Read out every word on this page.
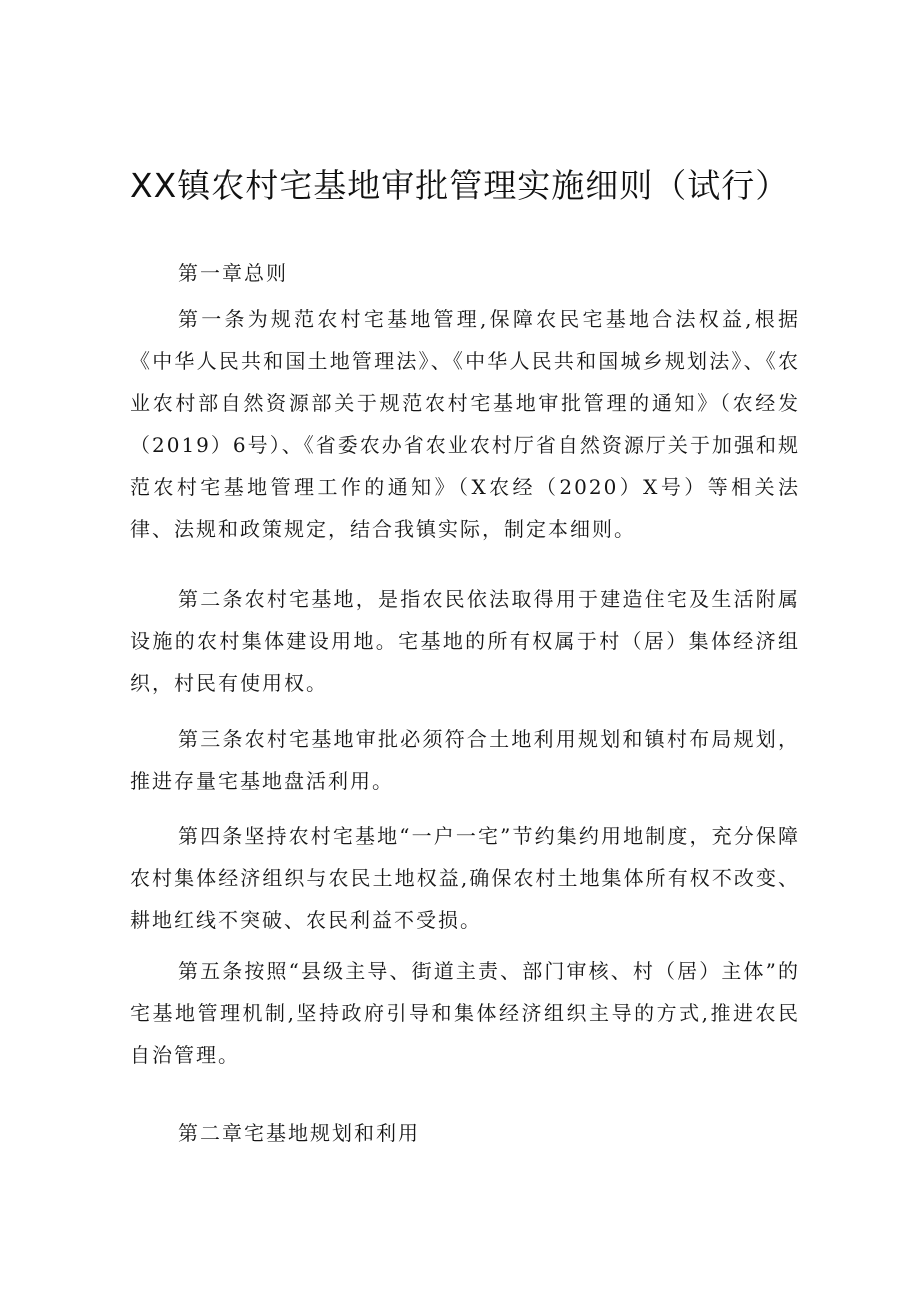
XX镇农村宅基地审批管理实施细则（试行）
第一章总则

第一条为规范农村宅基地管理,保障农民宅基地合法权益,根据《中华人民共和国土地管理法》、《中华人民共和国城乡规划法》、《农业农村部自然资源部关于规范农村宅基地审批管理的通知》（农经发（2019）6号）、《省委农办省农业农村厅省自然资源厅关于加强和规范农村宅基地管理工作的通知》（X农经（2020）X号）等相关法律、法规和政策规定，结合我镇实际，制定本细则。

第二条农村宅基地，是指农民依法取得用于建造住宅及生活附属设施的农村集体建设用地。宅基地的所有权属于村（居）集体经济组织，村民有使用权。

第三条农村宅基地审批必须符合土地利用规划和镇村布局规划，推进存量宅基地盘活利用。

第四条坚持农村宅基地“一户一宅”节约集约用地制度，充分保障农村集体经济组织与农民土地权益,确保农村土地集体所有权不改变、耕地红线不突破、农民利益不受损。

第五条按照“县级主导、街道主责、部门审核、村（居）主体”的宅基地管理机制,坚持政府引导和集体经济组织主导的方式,推进农民自治管理。

第二章宅基地规划和利用
